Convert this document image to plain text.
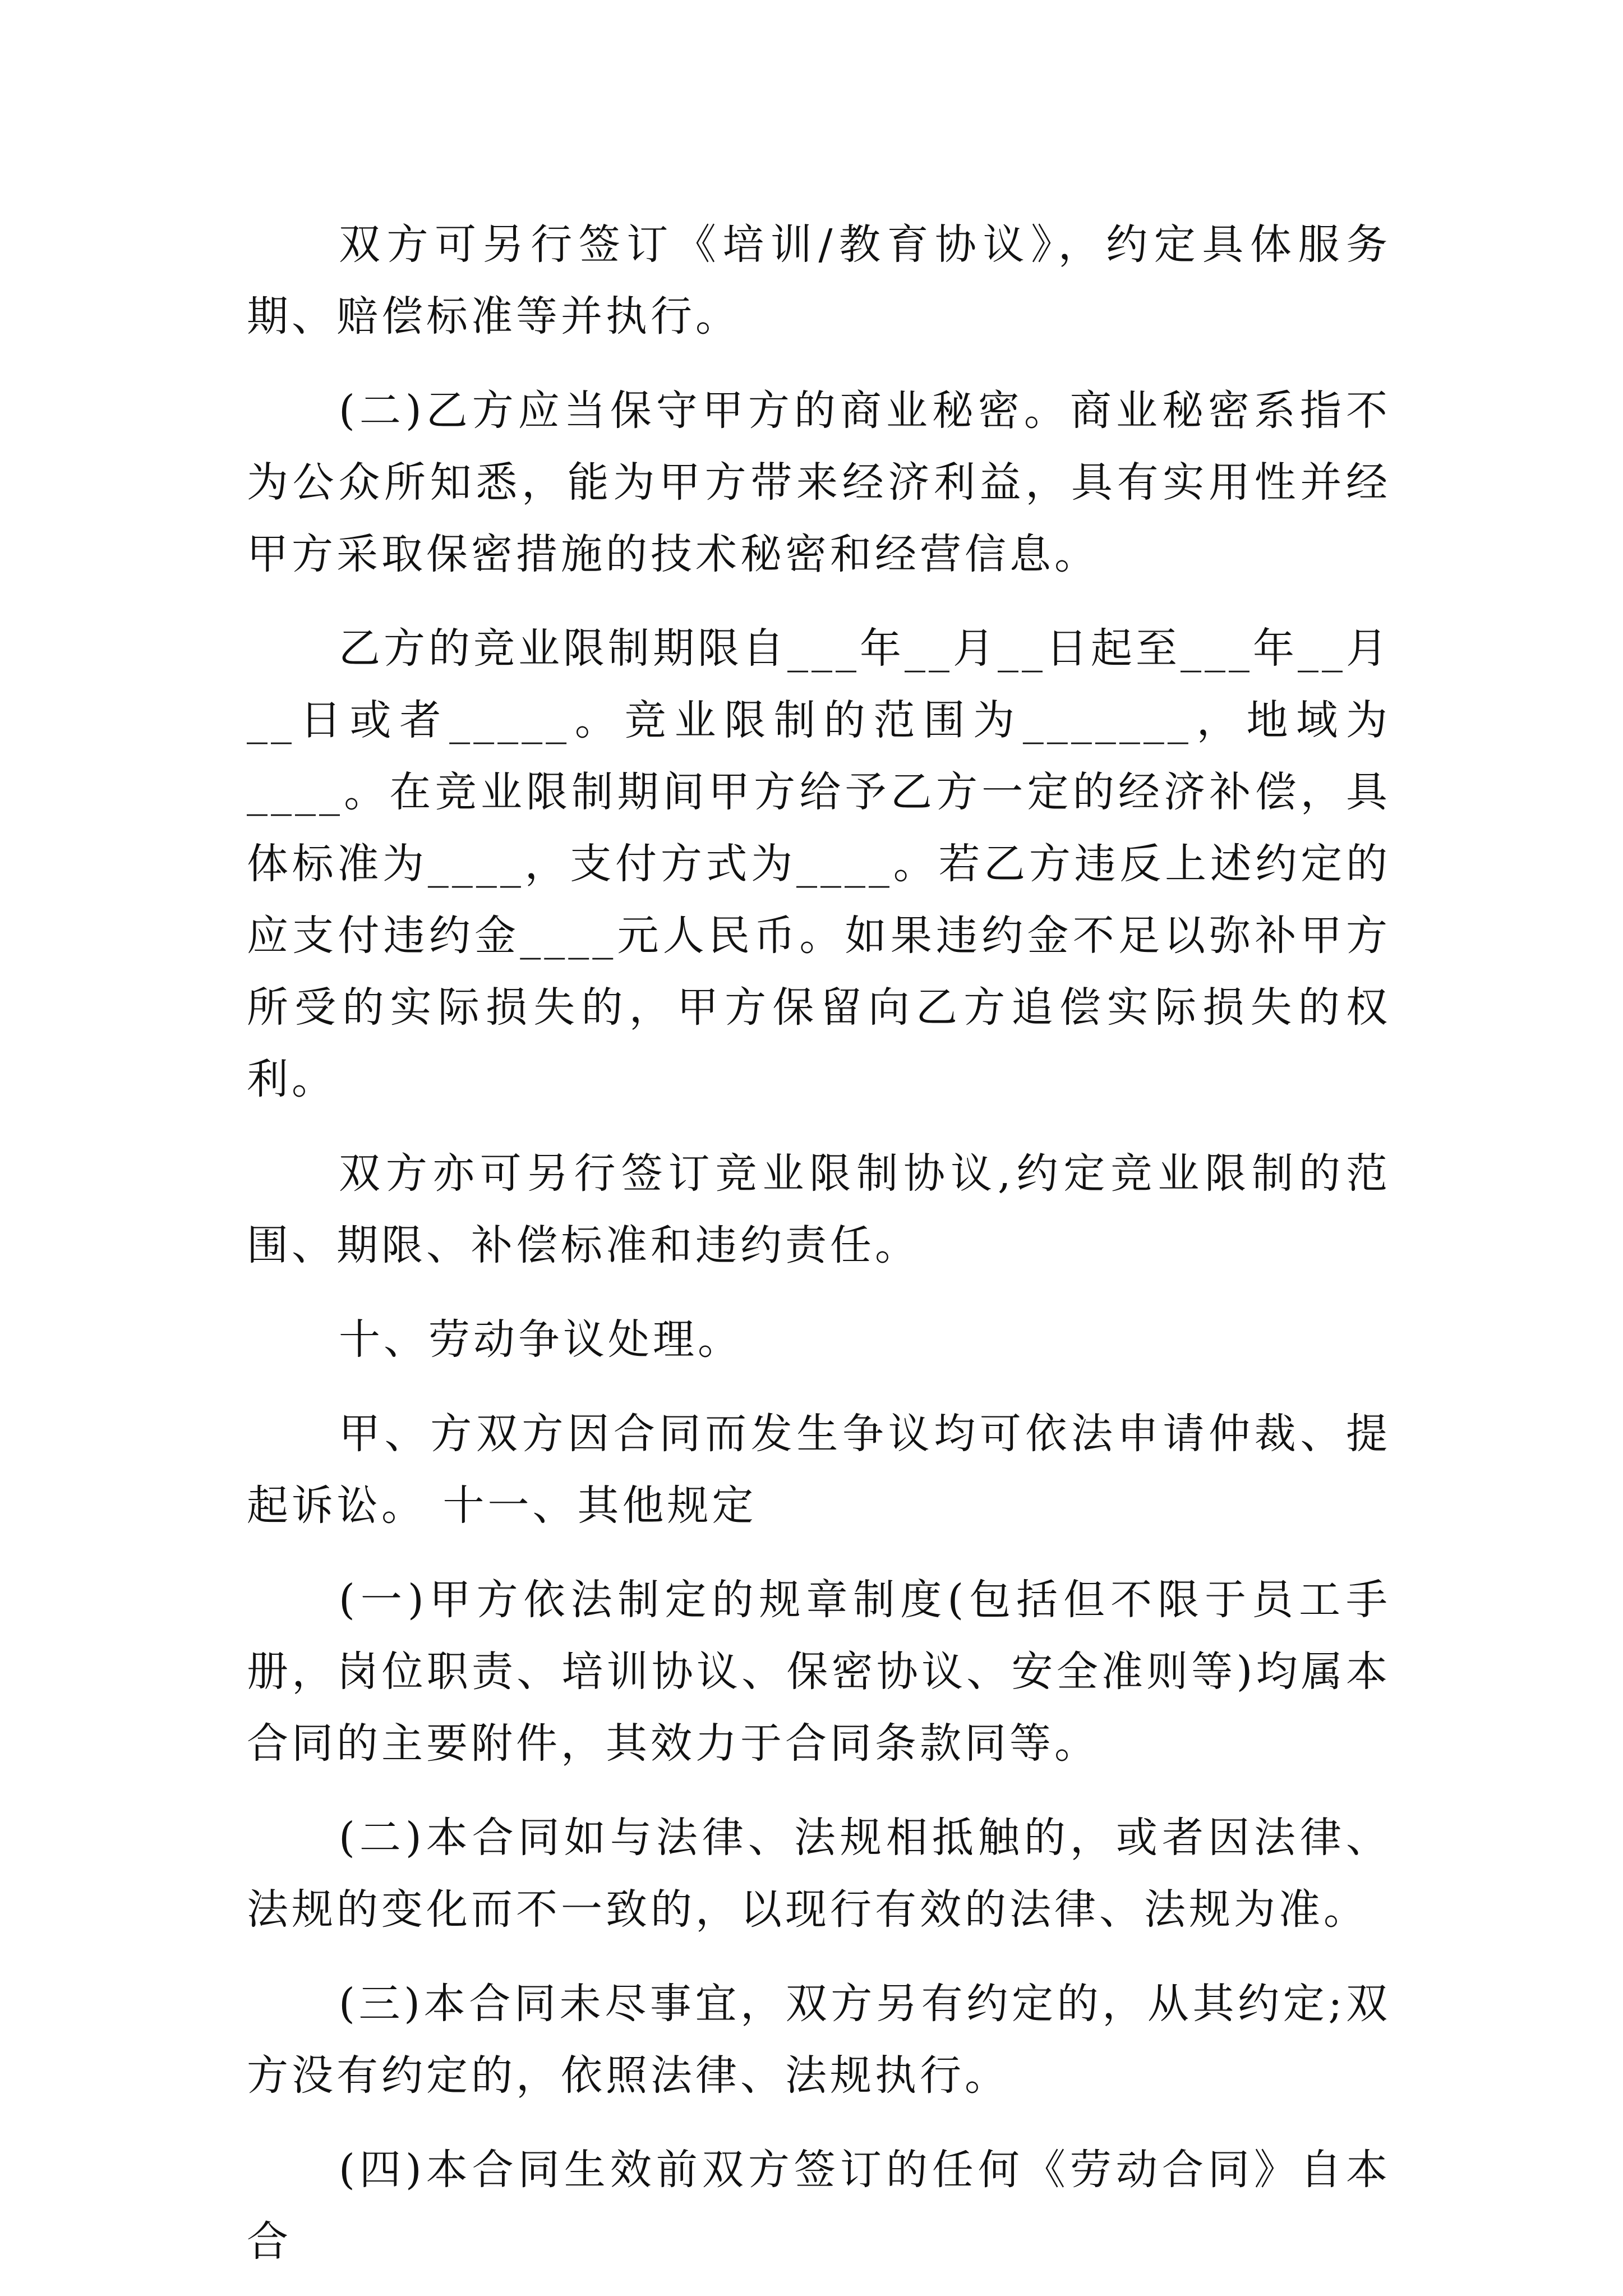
双方可另行签订《培训/教育协议》，约定具体服务期、赔偿标准等并执行。

(二)乙方应当保守甲方的商业秘密。商业秘密系指不为公众所知悉，能为甲方带来经济利益，具有实用性并经甲方采取保密措施的技术秘密和经营信息。

乙方的竞业限制期限自___年__月__日起至___年__月__日或者_____。竞业限制的范围为_______，地域为____。在竞业限制期间甲方给予乙方一定的经济补偿，具体标准为____，支付方式为____。若乙方违反上述约定的应支付违约金____元人民币。如果违约金不足以弥补甲方所受的实际损失的，甲方保留向乙方追偿实际损失的权利。

双方亦可另行签订竞业限制协议,约定竞业限制的范围、期限、补偿标准和违约责任。

十、劳动争议处理。

甲、方双方因合同而发生争议均可依法申请仲裁、提起诉讼。 十一、其他规定

(一)甲方依法制定的规章制度(包括但不限于员工手册，岗位职责、培训协议、保密协议、安全准则等)均属本合同的主要附件，其效力于合同条款同等。

(二)本合同如与法律、法规相抵触的，或者因法律、法规的变化而不一致的，以现行有效的法律、法规为准。

(三)本合同未尽事宜，双方另有约定的，从其约定;双方没有约定的，依照法律、法规执行。

(四)本合同生效前双方签订的任何《劳动合同》自本合
